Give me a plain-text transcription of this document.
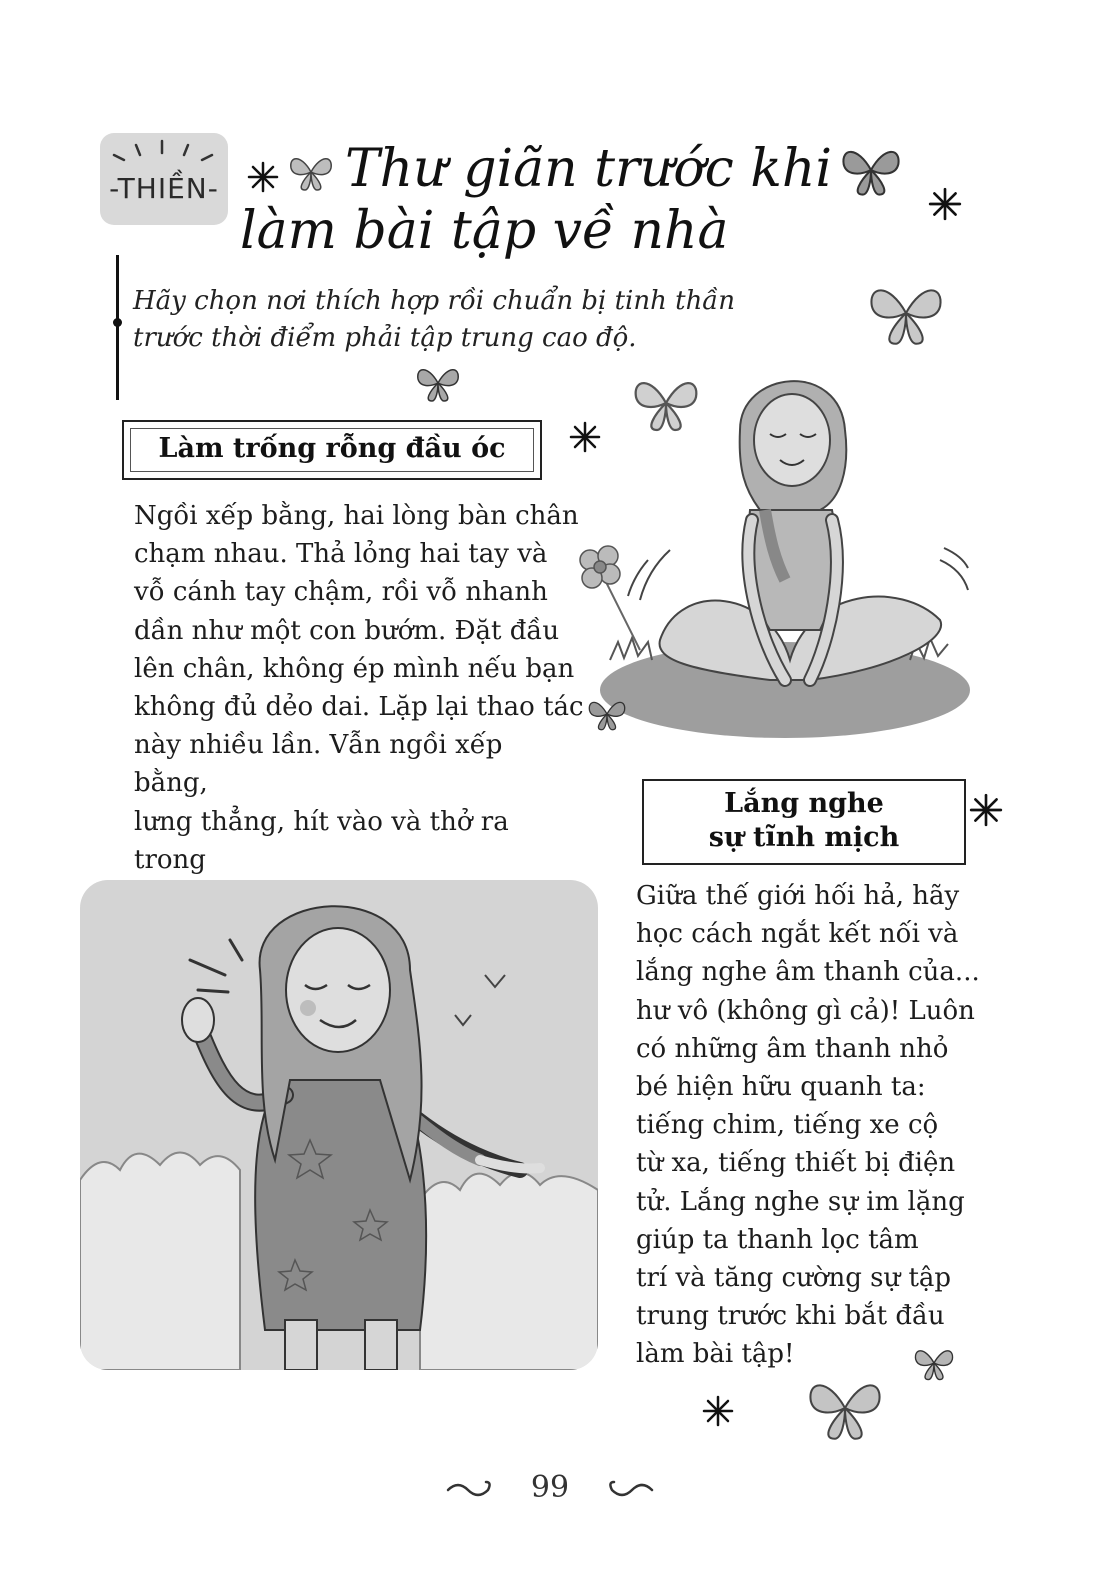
-THIỀN-	Thư giãn trước khi
làm bài tập về nhà
Hãy chọn nơi thích hợp rồi chuẩn bị tinh thần
trước thời điểm phải tập trung cao độ.
Làm trống rỗng đầu óc
Ngồi xếp bằng, hai lòng bàn chân
chạm nhau. Thả lỏng hai tay và
vỗ cánh tay chậm, rồi vỗ nhanh
dần như một con bướm. Đặt đầu
lên chân, không ép mình nếu bạn
không đủ dẻo dai. Lặp lại thao tác
này nhiều lần. Vẫn ngồi xếp bằng,
lưng thẳng, hít vào và thở ra trong
Lắng nghe
sự tĩnh mịch
Giữa thế giới hối hả, hãy
học cách ngắt kết nối và
lắng nghe âm thanh của...
hư vô (không gì cả)! Luôn
có những âm thanh nhỏ
bé hiện hữu quanh ta:
tiếng chim, tiếng xe cộ
từ xa, tiếng thiết bị điện
tử. Lắng nghe sự im lặng
giúp ta thanh lọc tâm
trí và tăng cường sự tập
trung trước khi bắt đầu
làm bài tập!
99
